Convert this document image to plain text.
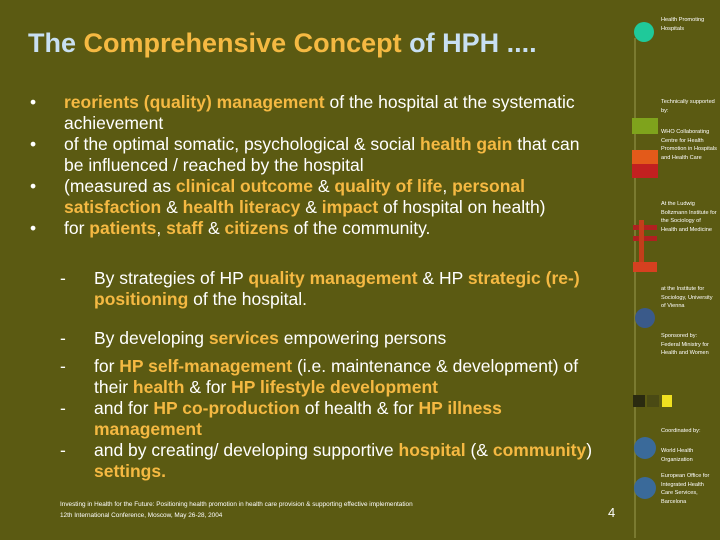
The Comprehensive Concept of HPH ....
• reorients (quality) management of the hospital at the systematic achievement
• of the optimal somatic, psychological & social health gain that can be influenced / reached by the hospital
• (measured as clinical outcome & quality of life, personal satisfaction & health literacy & impact of hospital on health)
• for patients, staff & citizens of the community.
- By strategies of HP quality management & HP strategic (re-) positioning of the hospital.
- By developing services empowering persons
- for HP self-management (i.e. maintenance & development) of their health & for HP lifestyle development
- and for HP co-production of health & for HP illness management
- and by creating/ developing supportive hospital (& community) settings.
Investing in Health for the Future: Positioning health promotion in health care provision & supporting effective implementation
12th International Conference, Moscow, May 26-28, 2004	4
Health Promoting Hospitals
Technically supported by:
WHO Collaborating Centre for Health Promotion in Hospitals and Health Care
At the Ludwig Boltzmann Institute for the Sociology of Health and Medicine
at the Institute for Sociology, University of Vienna
Sponsored by: Federal Ministry for Health and Women
Coordinated by:
World Health Organization
European Office for Integrated Health Care Services, Barcelona
